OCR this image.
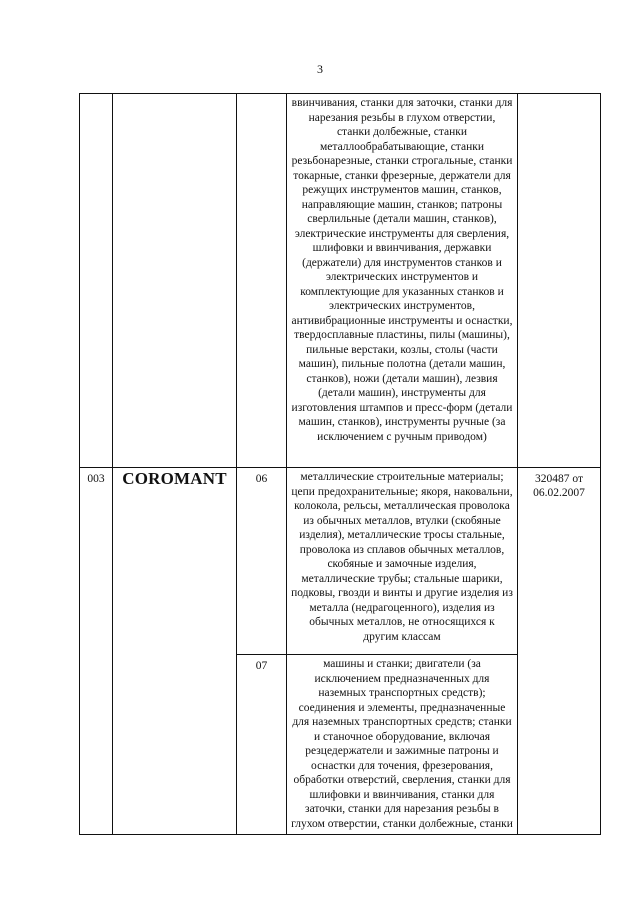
3
			ввинчивания, станки для заточки, станки для нарезания резьбы в глухом отверстии, станки долбежные, станки металлообрабатывающие, станки резьбонарезные, станки строгальные, станки токарные, станки фрезерные, держатели для режущих инструментов машин, станков, направляющие машин, станков; патроны сверлильные (детали машин, станков), электрические инструменты для сверления, шлифовки и ввинчивания, державки (держатели) для инструментов станков и электрических инструментов и комплектующие для указанных станков и электрических инструментов, антивибрационные инструменты и оснастки, твердосплавные пластины, пилы (машины), пильные верстаки, козлы, столы (части машин), пильные полотна (детали машин, станков), ножи (детали машин), лезвия (детали машин), инструменты для изготовления штампов и пресс-форм (детали машин, станков), инструменты ручные (за исключением с ручным приводом)	
003	COROMANT	06	металлические строительные материалы; цепи предохранительные; якоря, наковальни, колокола, рельсы, металлическая проволока из обычных металлов, втулки (скобяные изделия), металлические тросы стальные, проволока из сплавов обычных металлов, скобяные и замочные изделия, металлические трубы; стальные шарики, подковы, гвозди и винты и другие изделия из металла (недрагоценного), изделия из обычных металлов, не относящихся к другим классам	320487 от 06.02.2007
		07	машины и станки; двигатели (за исключением предназначенных для наземных транспортных средств); соединения и элементы, предназначенные для наземных транспортных средств; станки и станочное оборудование, включая резцедержатели и зажимные патроны и оснастки для точения, фрезерования, обработки отверстий, сверления, станки для шлифовки и ввинчивания, станки для заточки, станки для нарезания резьбы в глухом отверстии, станки долбежные, станки	
